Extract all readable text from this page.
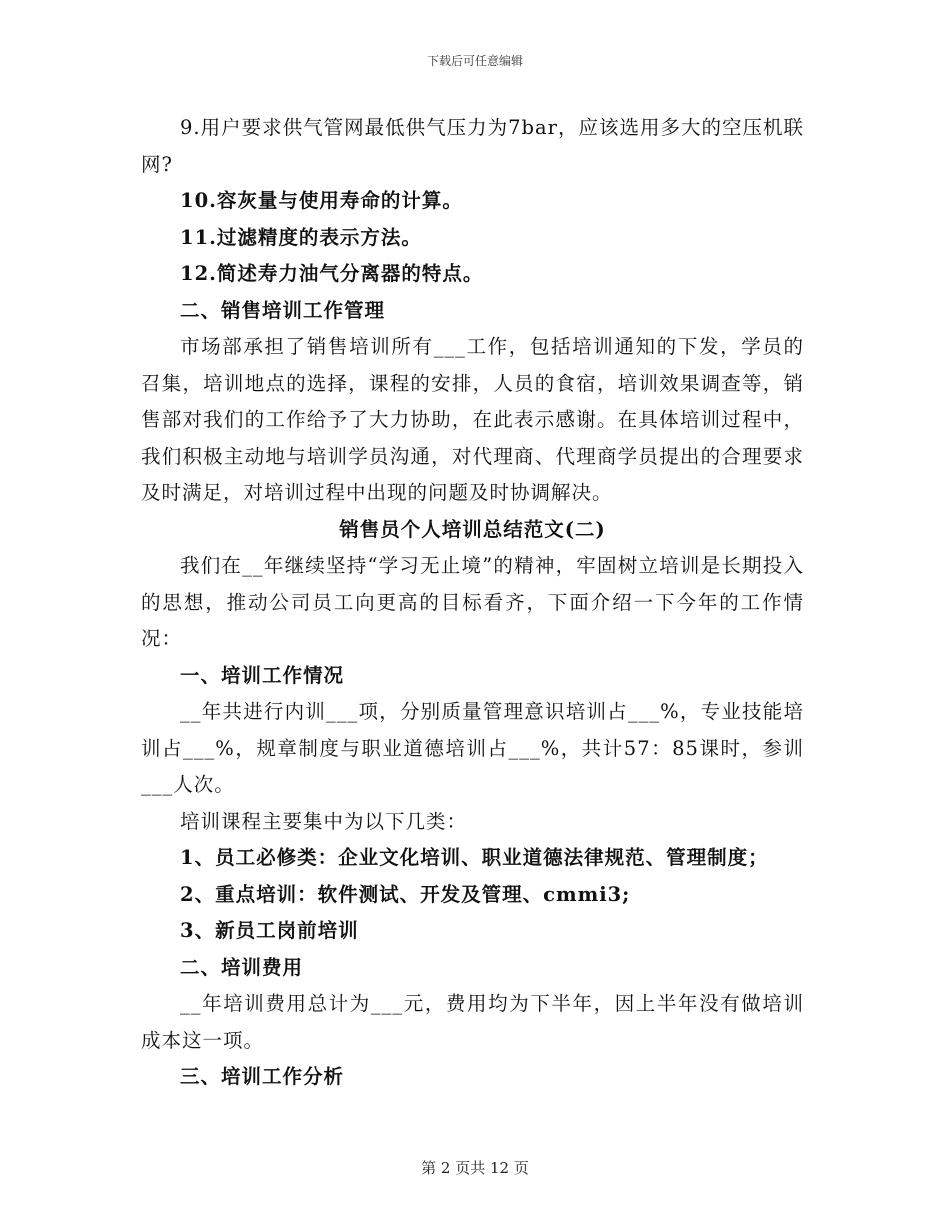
下载后可任意编辑

9.用户要求供气管网最低供气压力为7bar，应该选用多大的空压机联网?

10.容灰量与使用寿命的计算。

11.过滤精度的表示方法。

12.简述寿力油气分离器的特点。

二、销售培训工作管理

市场部承担了销售培训所有___工作，包括培训通知的下发，学员的召集，培训地点的选择，课程的安排，人员的食宿，培训效果调查等，销售部对我们的工作给予了大力协助，在此表示感谢。在具体培训过程中，我们积极主动地与培训学员沟通，对代理商、代理商学员提出的合理要求及时满足，对培训过程中出现的问题及时协调解决。

销售员个人培训总结范文(二)

我们在__年继续坚持“学习无止境”的精神，牢固树立培训是长期投入的思想，推动公司员工向更高的目标看齐，下面介绍一下今年的工作情况：

一、培训工作情况

__年共进行内训___项，分别质量管理意识培训占___%，专业技能培训占___%，规章制度与职业道德培训占___%，共计57：85课时，参训___人次。

培训课程主要集中为以下几类：

1、员工必修类：企业文化培训、职业道德法律规范、管理制度；

2、重点培训：软件测试、开发及管理、cmmi3;

3、新员工岗前培训

二、培训费用

__年培训费用总计为___元，费用均为下半年，因上半年没有做培训成本这一项。

三、培训工作分析

第 2 页共 12 页
